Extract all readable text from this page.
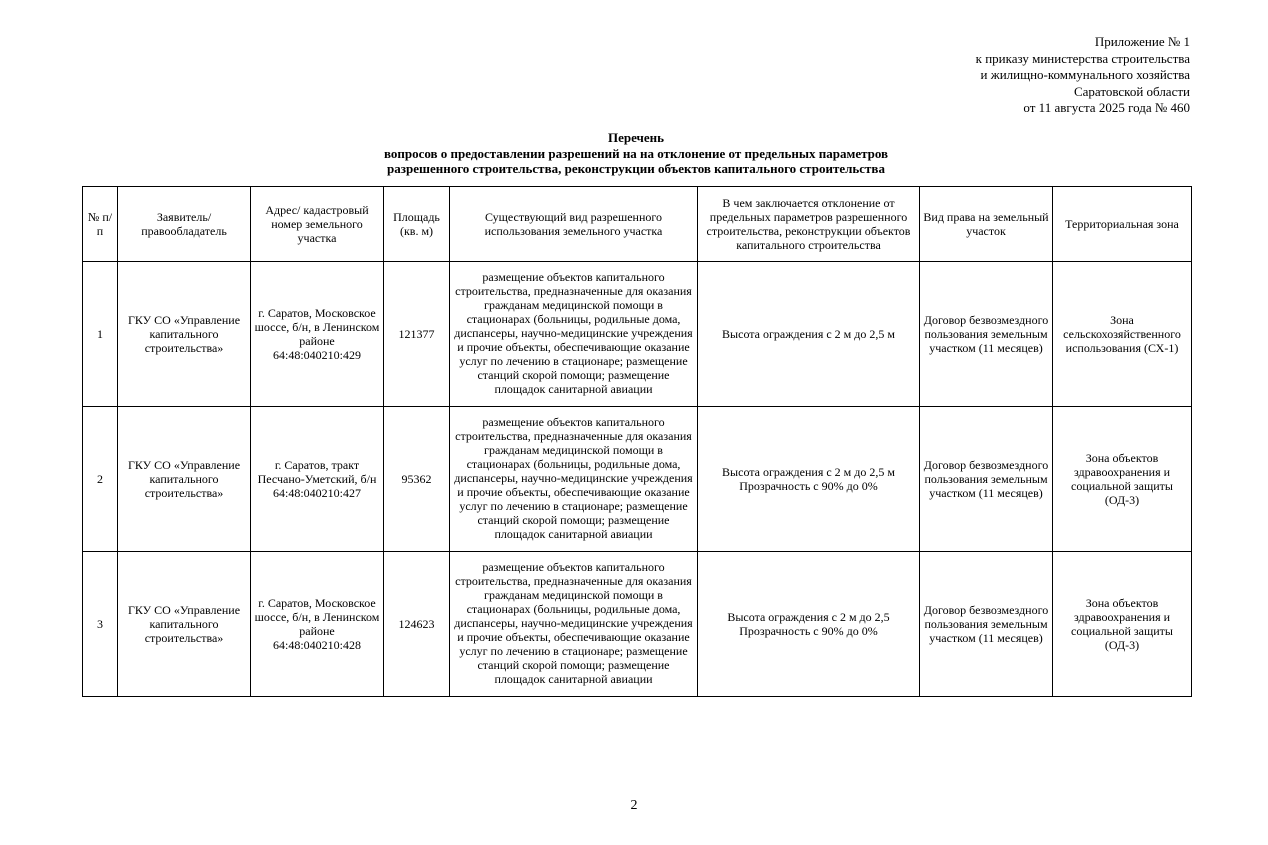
Приложение № 1
к приказу министерства строительства
и жилищно-коммунального хозяйства
Саратовской области
от 11 августа 2025 года № 460
Перечень
вопросов о предоставлении разрешений на на отклонение от предельных параметров
разрешенного строительства, реконструкции объектов капитального строительства
№ п/п	Заявитель/ правообладатель	Адрес/ кадастровый номер земельного участка	Площадь (кв. м)	Существующий вид разрешенного использования земельного участка	В чем заключается отклонение от предельных параметров разрешенного строительства, реконструкции объектов капитального строительства	Вид права на земельный участок	Территориальная зона
1	ГКУ СО «Управление капитального строительства»	г. Саратов, Московское шоссе, б/н, в Ленинском районе 64:48:040210:429	121377	размещение объектов капитального строительства, предназначенные для оказания гражданам медицинской помощи в стационарах (больницы, родильные дома, диспансеры, научно-медицинские учреждения и прочие объекты, обеспечивающие оказание услуг по лечению в стационаре; размещение станций скорой помощи; размещение площадок санитарной авиации	Высота ограждения с 2 м до 2,5 м	Договор безвозмездного пользования земельным участком (11 месяцев)	Зона сельскохозяйственного использования (СХ-1)
2	ГКУ СО «Управление капитального строительства»	г. Саратов, тракт Песчано-Уметский, б/н 64:48:040210:427	95362	размещение объектов капитального строительства, предназначенные для оказания гражданам медицинской помощи в стационарах (больницы, родильные дома, диспансеры, научно-медицинские учреждения и прочие объекты, обеспечивающие оказание услуг по лечению в стационаре; размещение станций скорой помощи; размещение площадок санитарной авиации	Высота ограждения с 2 м до 2,5 м Прозрачность с 90% до 0%	Договор безвозмездного пользования земельным участком (11 месяцев)	Зона объектов здравоохранения и социальной защиты (ОД-3)
3	ГКУ СО «Управление капитального строительства»	г. Саратов, Московское шоссе, б/н, в Ленинском районе 64:48:040210:428	124623	размещение объектов капитального строительства, предназначенные для оказания гражданам медицинской помощи в стационарах (больницы, родильные дома, диспансеры, научно-медицинские учреждения и прочие объекты, обеспечивающие оказание услуг по лечению в стационаре; размещение станций скорой помощи; размещение площадок санитарной авиации	Высота ограждения с 2 м до 2,5 Прозрачность с 90% до 0%	Договор безвозмездного пользования земельным участком (11 месяцев)	Зона объектов здравоохранения и социальной защиты (ОД-3)
2
